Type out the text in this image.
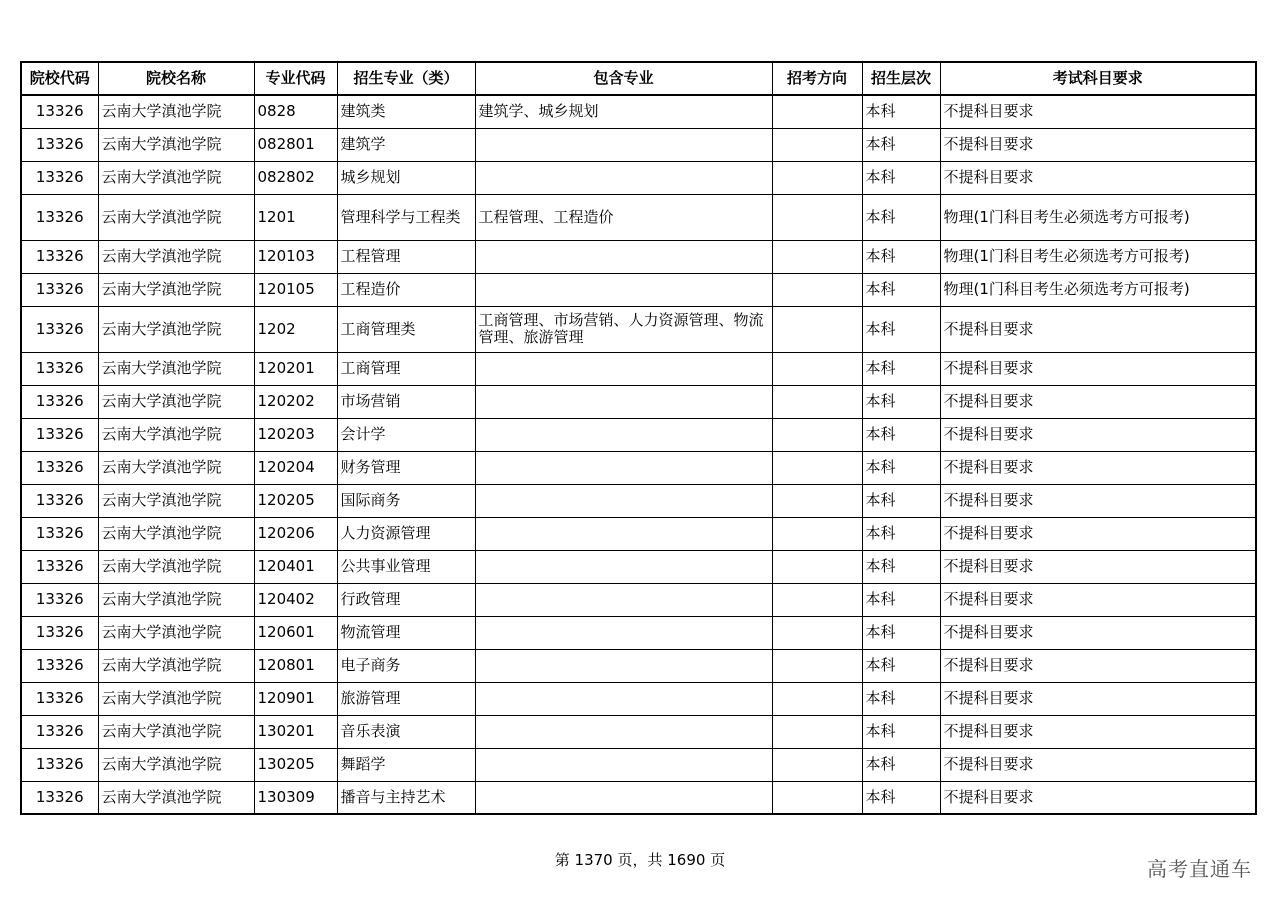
院校代码	院校名称	专业代码	招生专业（类）	包含专业	招考方向	招生层次	考试科目要求
13326	云南大学滇池学院	0828	建筑类	建筑学、城乡规划		本科	不提科目要求
13326	云南大学滇池学院	082801	建筑学			本科	不提科目要求
13326	云南大学滇池学院	082802	城乡规划			本科	不提科目要求
13326	云南大学滇池学院	1201	管理科学与工程类	工程管理、工程造价		本科	物理(1门科目考生必须选考方可报考)
13326	云南大学滇池学院	120103	工程管理			本科	物理(1门科目考生必须选考方可报考)
13326	云南大学滇池学院	120105	工程造价			本科	物理(1门科目考生必须选考方可报考)
13326	云南大学滇池学院	1202	工商管理类	工商管理、市场营销、人力资源管理、物流管理、旅游管理		本科	不提科目要求
13326	云南大学滇池学院	120201	工商管理			本科	不提科目要求
13326	云南大学滇池学院	120202	市场营销			本科	不提科目要求
13326	云南大学滇池学院	120203	会计学			本科	不提科目要求
13326	云南大学滇池学院	120204	财务管理			本科	不提科目要求
13326	云南大学滇池学院	120205	国际商务			本科	不提科目要求
13326	云南大学滇池学院	120206	人力资源管理			本科	不提科目要求
13326	云南大学滇池学院	120401	公共事业管理			本科	不提科目要求
13326	云南大学滇池学院	120402	行政管理			本科	不提科目要求
13326	云南大学滇池学院	120601	物流管理			本科	不提科目要求
13326	云南大学滇池学院	120801	电子商务			本科	不提科目要求
13326	云南大学滇池学院	120901	旅游管理			本科	不提科目要求
13326	云南大学滇池学院	130201	音乐表演			本科	不提科目要求
13326	云南大学滇池学院	130205	舞蹈学			本科	不提科目要求
13326	云南大学滇池学院	130309	播音与主持艺术			本科	不提科目要求
第 1370 页，共 1690 页	高考直通车
